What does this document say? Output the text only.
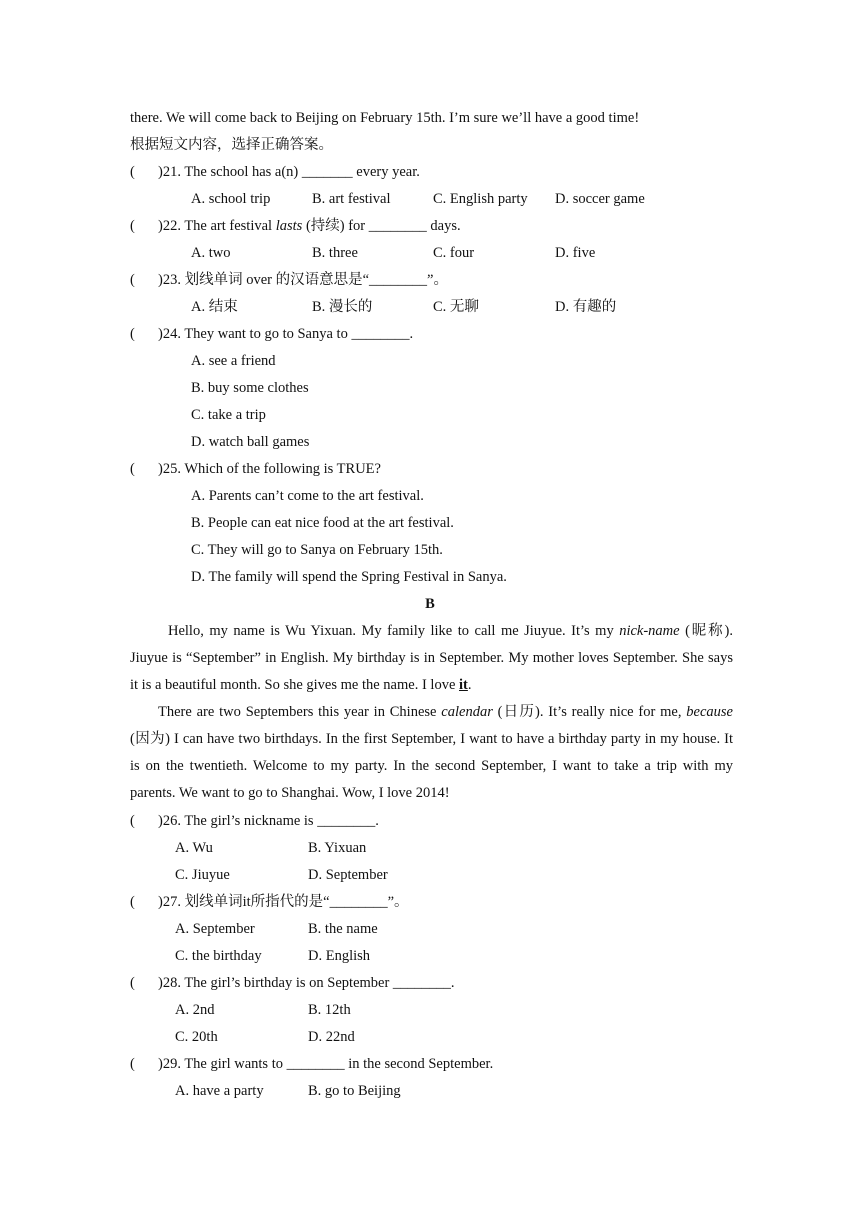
there. We will come back to Beijing on February 15th. I’m sure we’ll have a good time!
根据短文内容，选择正确答案。
( )21. The school has a(n) _______ every year.
A. school trip	B. art festival	C. English party D. soccer game
( )22. The art festival lasts (持续) for ________ days.
A. two	B. three	C. four	D. five
( )23. 划线单词 over 的汉语意思是“________”。
A. 结束	B. 漫长的	C. 无聊	D. 有趣的
( )24. They want to go to Sanya to ________.
A. see a friend
B. buy some clothes
C. take a trip
D. watch ball games
( )25. Which of the following is TRUE?
A. Parents can’t come to the art festival.
B. People can eat nice food at the art festival.
C. They will go to Sanya on February 15th.
D. The family will spend the Spring Festival in Sanya.
B
Hello, my name is Wu Yixuan. My family like to call me Jiuyue. It’s my nick-name (昵称). Jiuyue is “September” in English. My birthday is in September. My mother loves September. She says it is a beautiful month. So she gives me the name. I love it.
There are two Septembers this year in Chinese calendar (日历). It’s really nice for me, because (因为) I can have two birthdays. In the first September, I want to have a birthday party in my house. It is on the twentieth. Welcome to my party. In the second September, I want to take a trip with my parents. We want to go to Shanghai. Wow, I love 2014!
( )26. The girl’s nickname is ________.
A. Wu	B. Yixuan
C. Jiuyue	D. September
( )27. 划线单词it所指代的是“________”。
A. September	B. the name
C. the birthday	D. English
( )28. The girl’s birthday is on September ________.
A. 2nd	B. 12th
C. 20th	D. 22nd
( )29. The girl wants to ________ in the second September.
A. have a party	B. go to Beijing
